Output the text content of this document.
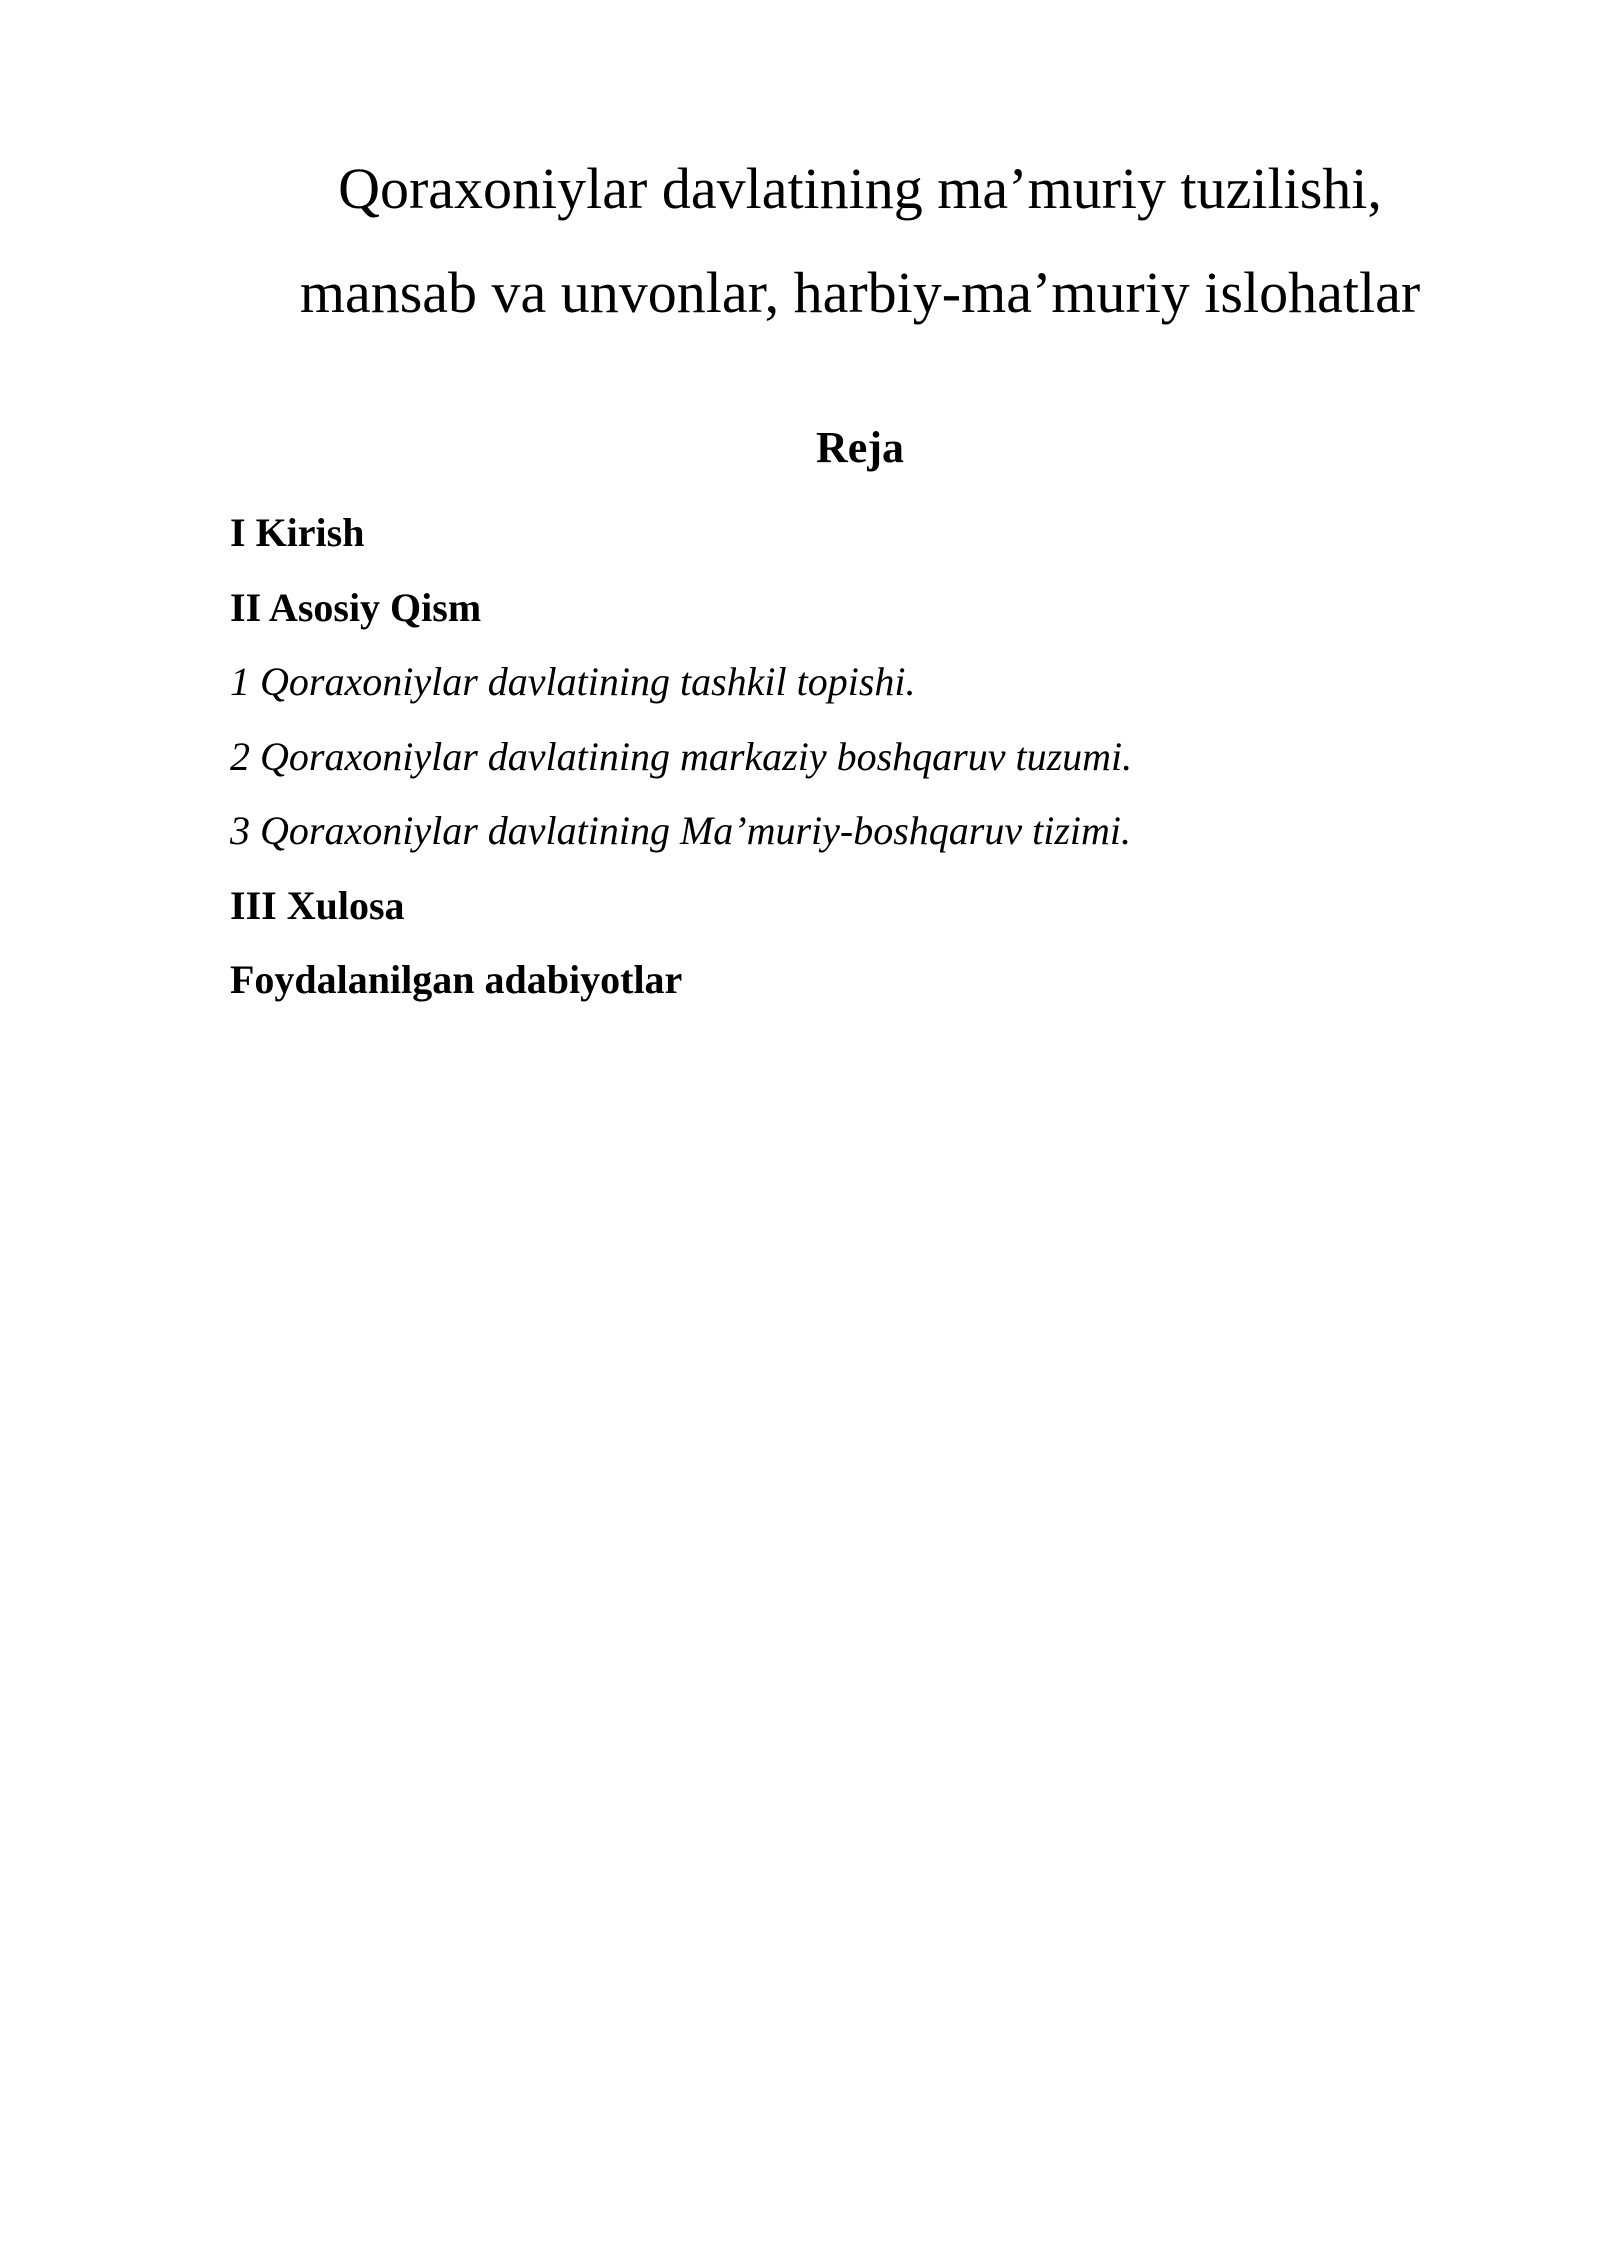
Qoraxoniylar davlatining ma’muriy tuzilishi,
mansab va unvonlar, harbiy-ma’muriy islohatlar
Reja
I Kirish
II Asosiy Qism
1 Qoraxoniylar davlatining tashkil topishi.
2 Qoraxoniylar davlatining markaziy boshqaruv tuzumi.
3 Qoraxoniylar davlatining Ma’muriy-boshqaruv tizimi.
III Xulosa
Foydalanilgan adabiyotlar
